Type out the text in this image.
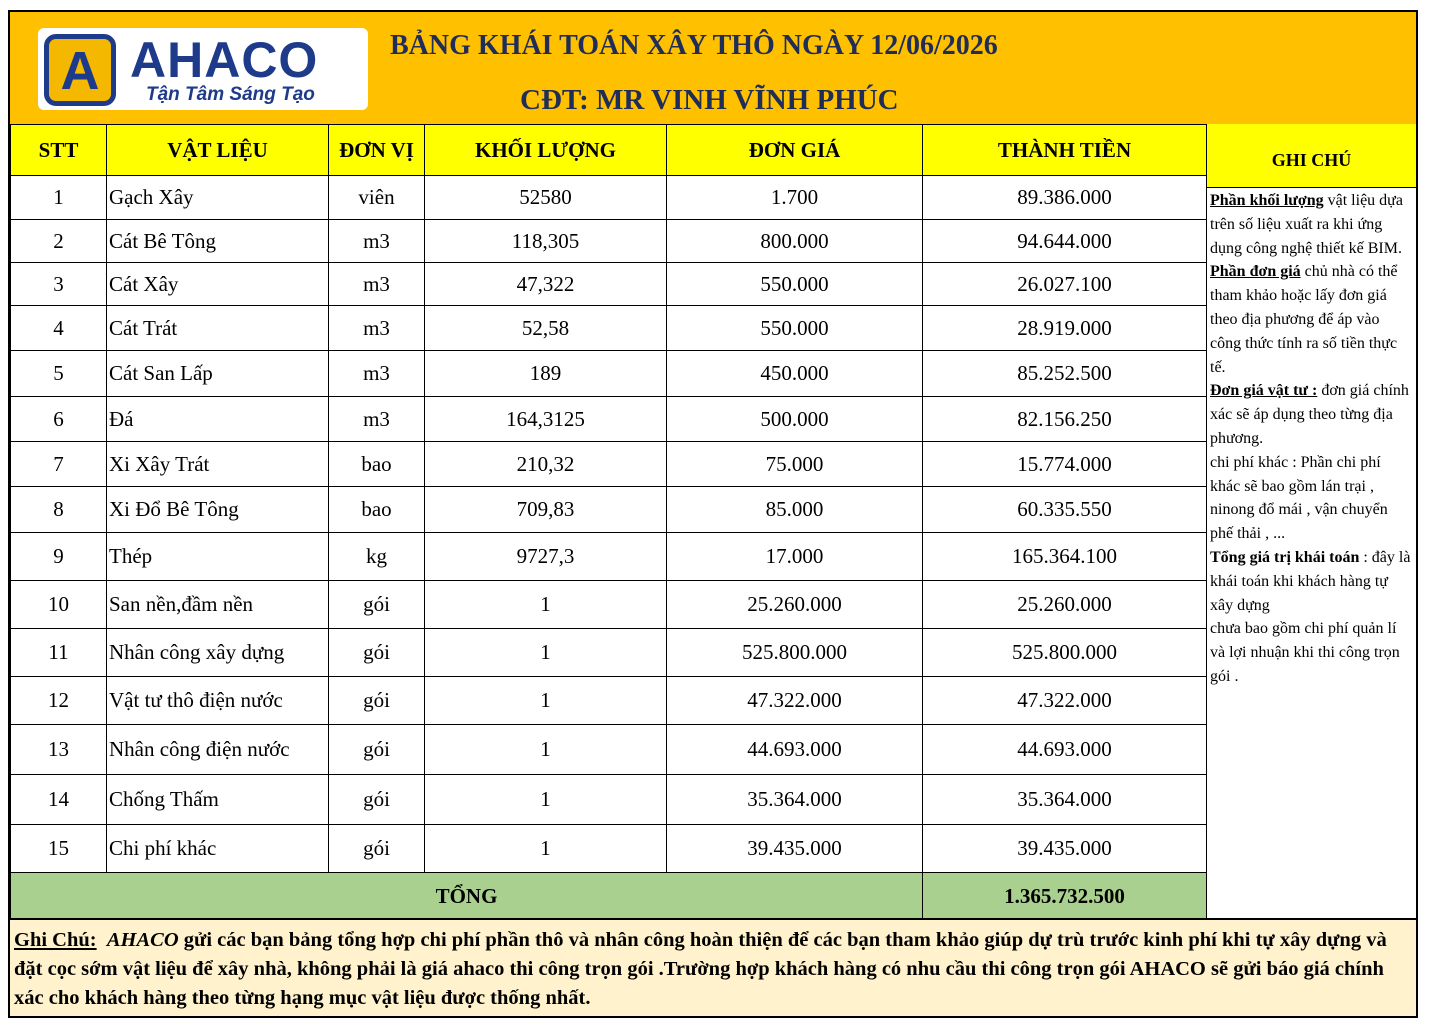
A AHACO
Tận Tâm Sáng Tạo
BẢNG KHÁI TOÁN XÂY THÔ NGÀY 12/06/2026
CĐT: MR VINH VĨNH PHÚC
STT	VẬT LIỆU	ĐƠN VỊ	KHỐI LƯỢNG	ĐƠN GIÁ	THÀNH TIỀN
1	Gạch Xây	viên	52580	1.700	89.386.000
2	Cát Bê Tông	m3	118,305	800.000	94.644.000
3	Cát Xây	m3	47,322	550.000	26.027.100
4	Cát Trát	m3	52,58	550.000	28.919.000
5	Cát San Lấp	m3	189	450.000	85.252.500
6	Đá	m3	164,3125	500.000	82.156.250
7	Xi Xây Trát	bao	210,32	75.000	15.774.000
8	Xi Đổ Bê Tông	bao	709,83	85.000	60.335.550
9	Thép	kg	9727,3	17.000	165.364.100
10	San nền,đầm nền	gói	1	25.260.000	25.260.000
11	Nhân công xây dựng	gói	1	525.800.000	525.800.000
12	Vật tư thô điện nước	gói	1	47.322.000	47.322.000
13	Nhân công điện nước	gói	1	44.693.000	44.693.000
14	Chống Thấm	gói	1	35.364.000	35.364.000
15	Chi phí khác	gói	1	39.435.000	39.435.000
TỔNG					1.365.732.500
GHI CHÚ
Phần khối lượng vật liệu dựa trên số liệu xuất ra khi ứng dụng công nghệ thiết kế BIM.
Phần đơn giá chủ nhà có thể tham khảo hoặc lấy đơn giá theo địa phương để áp vào công thức tính ra số tiền thực tế.
Đơn giá vật tư : đơn giá chính xác sẽ áp dụng theo từng địa phương.
chi phí khác : Phần chi phí khác sẽ bao gồm lán trại , ninong đổ mái , vận chuyển phế thải , ...
Tổng giá trị khái toán : đây là khái toán khi khách hàng tự xây dựng
chưa bao gồm chi phí quản lí và lợi nhuận khi thi công trọn gói .
Ghi Chú: AHACO gửi các bạn bảng tổng hợp chi phí phần thô và nhân công hoàn thiện để các bạn tham khảo giúp dự trù trước kinh phí khi tự xây dựng và đặt cọc sớm vật liệu để xây nhà, không phải là giá ahaco thi công trọn gói .Trường hợp khách hàng có nhu cầu thi công trọn gói AHACO sẽ gửi báo giá chính xác cho khách hàng theo từng hạng mục vật liệu được thống nhất.
